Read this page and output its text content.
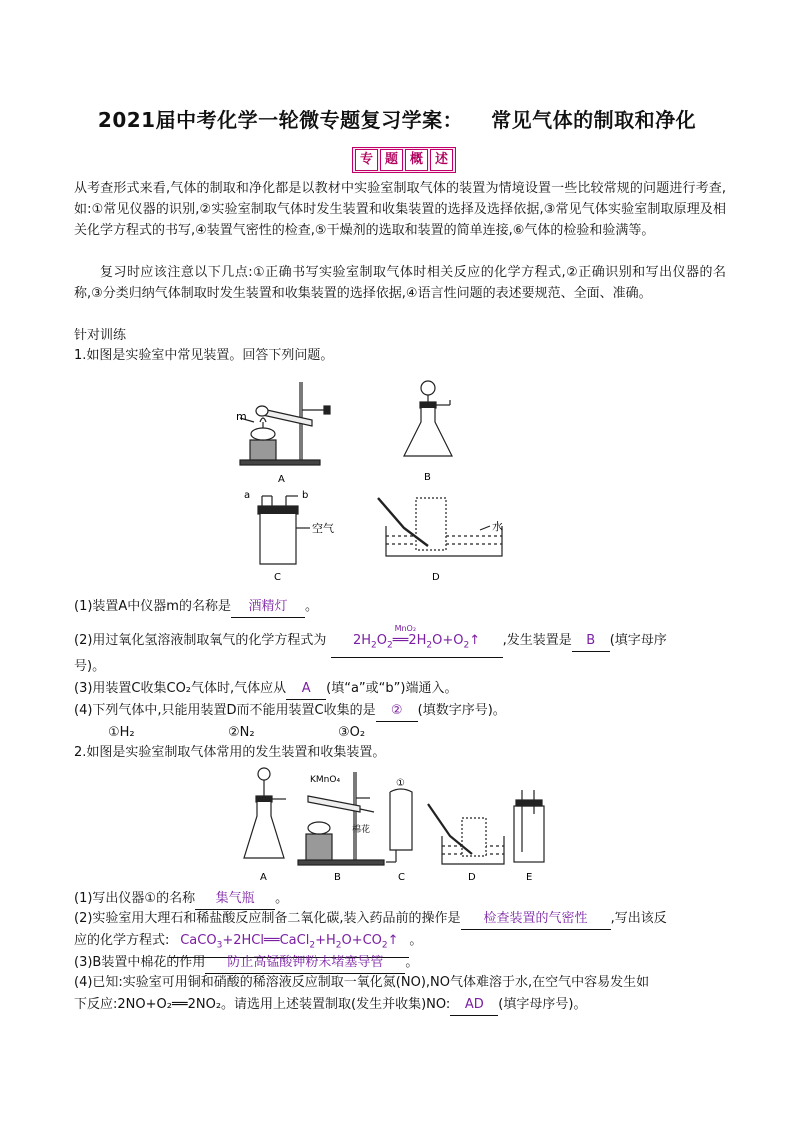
2021届中考化学一轮微专题复习学案： 常见气体的制取和净化
专 题 概 述
从考查形式来看,气体的制取和净化都是以教材中实验室制取气体的装置为情境设置一些比较常规的问题进行考查,如:①常见仪器的识别,②实验室制取气体时发生装置和收集装置的选择及选择依据,③常见气体实验室制取原理及相关化学方程式的书写,④装置气密性的检查,⑤干燥剂的选取和装置的简单连接,⑥气体的检验和验满等。
复习时应该注意以下几点:①正确书写实验室制取气体时相关反应的化学方程式,②正确识别和写出仪器的名称,③分类归纳气体制取时发生装置和收集装置的选择依据,④语言性问题的表述要规范、全面、准确。
针对训练
1.如图是实验室中常见装置。回答下列问题。
m
A	B
a	b
空气
C
水
D
(1)装置A中仪器m的名称是 酒精灯 。
(2)用过氧化氢溶液制取氧气的化学方程式为
MnO₂
$2H_2O_2══2H_2O+O_2↑$,发生装置是 B (填字母序
号)。
(3)用装置C收集CO₂气体时,气体应从 A (填“a”或“b”)端通入。
(4)下列气体中,只能用装置D而不能用装置C收集的是 ② (填数字序号)。
①H₂	②N₂	③O₂
2.如图是实验室制取气体常用的发生装置和收集装置。
KMnO₄
棉花
①
A	B	C	D	E
(1)写出仪器①的名称 集气瓶 。
(2)实验室用大理石和稀盐酸反应制备二氧化碳,装入药品前的操作是 检查装置的气密性 ,写出该反
应的化学方程式: $CaCO_3+2HCl══CaCl_2+H_2O+CO_2↑$ 。
(3)B装置中棉花的作用 防止高锰酸钾粉末堵塞导管 。
(4)已知:实验室可用铜和硝酸的稀溶液反应制取一氧化氮(NO),NO气体难溶于水,在空气中容易发生如
下反应:2NO+O₂══2NO₂。请选用上述装置制取(发生并收集)NO: AD (填字母序号)。
